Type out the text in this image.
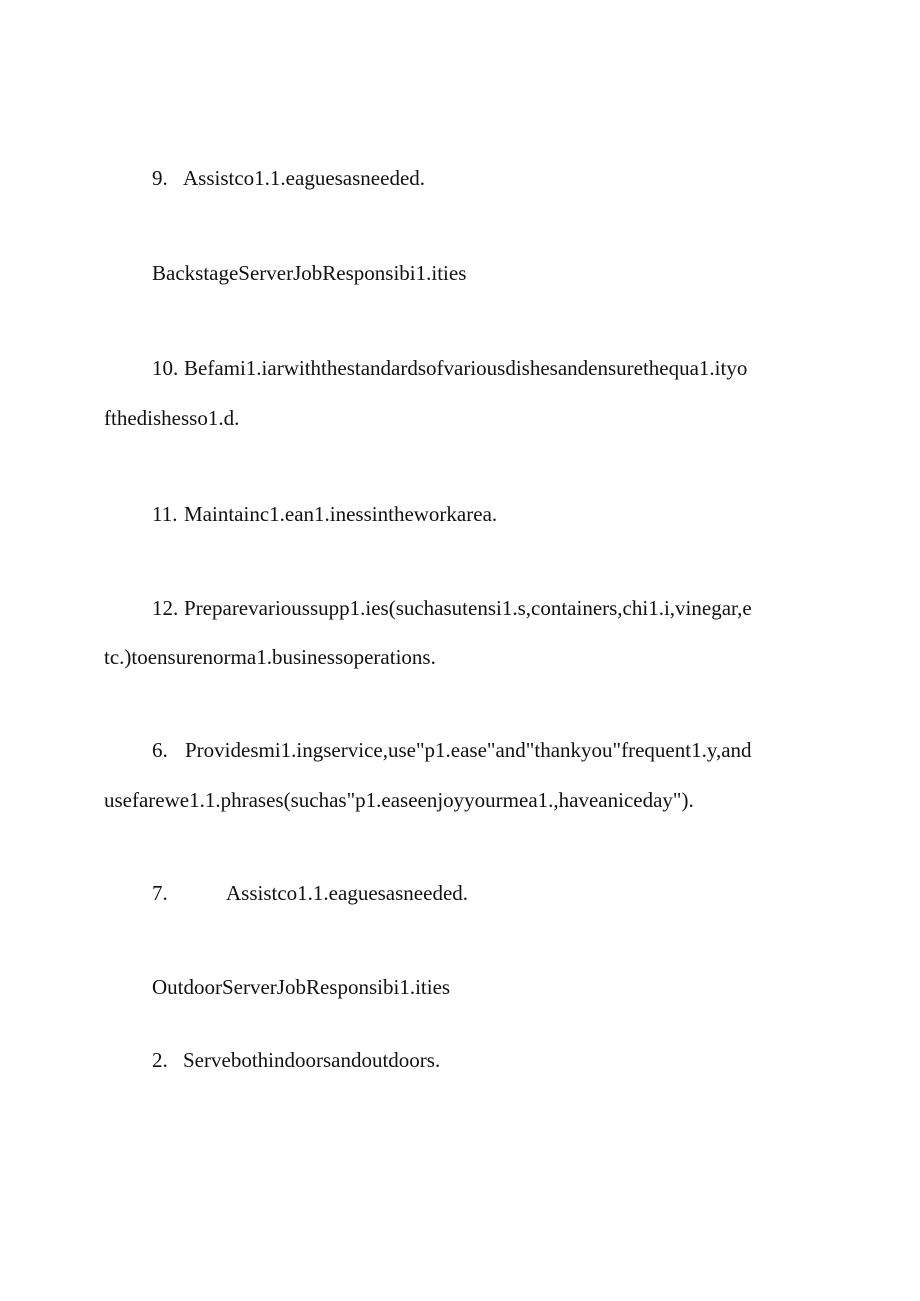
9. Assistco1.1.eaguesasneeded.
BackstageServerJobResponsibi1.ities
10. Befami1.iarwiththestandardsofvariousdishesandensurethequa1.ityo
fthedishesso1.d.
11. Maintainc1.ean1.inessintheworkarea.
12. Preparevarioussupp1.ies(suchasutensi1.s,containers,chi1.i,vinegar,e
tc.)toensurenorma1.businessoperations.
6. Providesmi1.ingservice,use"p1.ease"and"thankyou"frequent1.y,and
usefarewe1.1.phrases(suchas"p1.easeenjoyyourmea1.,haveaniceday").
7.	Assistco1.1.eaguesasneeded.
OutdoorServerJobResponsibi1.ities
2. Servebothindoorsandoutdoors.
